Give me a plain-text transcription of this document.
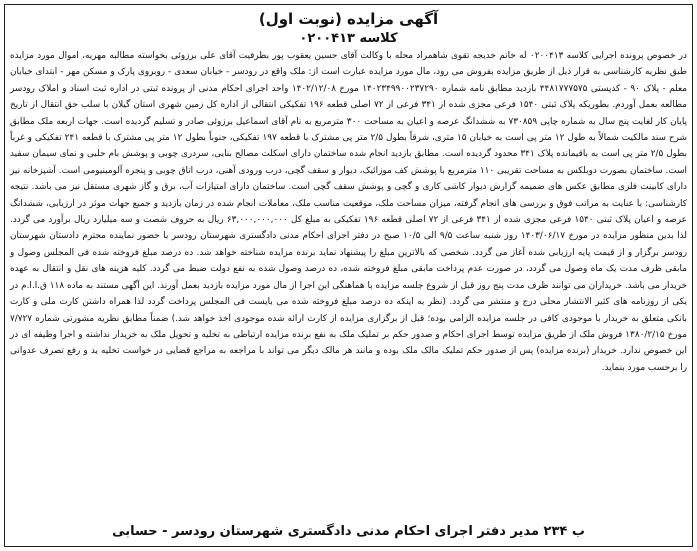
آگهی مزایده (نوبت اول)
کلاسه ۰۲۰۰۴۱۳

در خصوص پرونده اجرایی کلاسه ۰۲۰۰۴۱۳ له خانم خدیجه تقوی شاهمراد محله با وکالت آقای حسین یعقوب پور بطرفیت آقای علی برزوئی بخواسته مطالبه مهریه، اموال مورد مزایده طبق نظریه کارشناسی به قرار ذیل از طریق مزایده بفروش می رود، مال مورد مزایده عبارت است از: ملک واقع در رودسر - خیابان سعدی - روبروی پارک و مسکن مهر - ابتدای خیابان معلم - پلاک ۹۰ - کدپستی ۴۴۸۱۷۷۷۵۷۵ بازدید مطابق نامه شماره ۱۴۰۲۳۴۹۹۰۰۲۳۷۲۹۰ مورخ ۱۴۰۲/۱۲/۰۸ واحد اجرای احکام مدنی از پرونده ثبتی در اداره ثبت اسناد و املاک رودسر مطالعه بعمل آوردم. بطوریکه پلاک ثبتی ۱۵۴۰ فرعی مجزی شده از ۳۴۱ فرعی از ۷۲ اصلی قطعه ۱۹۶ تفکیکی انتقالی از اداره کل زمین شهری استان گیلان با سلب حق انتقال از تاریخ پایان کار لغایت پنج سال به شماره چاپی ۷۳۰۸۵۹ به ششدانگ عرصه و اعیان به مساحت ۳۰۰ مترمربع به نام آقای اسماعیل برزوئی صادر و تسلیم گردیده است. جهات اربعه ملک مطابق شرح سند مالکیت شمالاً به طول ۱۲ متر پی است به خیابان ۱۵ متری، شرقاً بطول ۲/۵ متر پی مشترک با قطعه ۱۹۷ تفکیکی، جنوباً بطول ۱۲ متر پی مشترک با قطعه ۲۴۱ تفکیکی و غرباً بطول ۲/۵ متر پی است به باقیمانده پلاک ۳۴۱ محدود گردیده است. مطابق بازدید انجام شده ساختمان دارای اسکلت مصالح بنایی، سردری چوبی و پوشش بام حلبی و نمای سیمان سفید است. ساختمان بصورت دوبلکس به مساحت تقریبی ۱۱۰ مترمربع با پوشش کف موزائیک، دیوار و سقف گچی، درب ورودی آهنی، درب اتاق چوبی و پنجره آلومینیومی است. آشپزخانه نیز دارای کابینت فلزی مطابق عکس های ضمیمه گزارش دیوار کاشی کاری و گچی و پوشش سقف گچی است. ساختمان دارای امتیازات آب، برق و گاز شهری مستقل نیز می باشد. نتیجه کارشناسی: با عنایت به مراتب فوق و بررسی های انجام گرفته، میزان مساحت ملک، موقعیت مناسب ملک، معاملات انجام شده در زمان بازدید و جمیع جهات موثر در ارزیابی، ششدانگ عرصه و اعیان پلاک ثبتی ۱۵۴۰ فرعی مجزی شده از ۳۴۱ فرعی از ۷۲ اصلی قطعه ۱۹۶ تفکیکی به مبلغ کل ۶۳,۰۰۰,۰۰۰,۰۰۰ ریال به حروف شصت و سه میلیارد ریال برآورد می گردد. لذا بدین منظور مزایده در مورخ ۱۴۰۳/۰۶/۱۷ روز شنبه ساعت ۹/۵ الی ۱۰/۵ صبح در دفتر اجرای احکام مدنی دادگستری شهرستان رودسر با حضور نماینده محترم دادستان شهرستان رودسر برگزار و از قیمت پایه ارزیابی شده آغاز می گردد. شخصی که بالاترین مبلغ را پیشنهاد نماید برنده مزایده شناخته خواهد شد. ده درصد مبلغ فروخته شده فی المجلس وصول و مابقی ظرف مدت یک ماه وصول می گردد، در صورت عدم پرداخت مابقی مبلغ فروخته شده، ده درصد وصول شده به نفع دولت ضبط می گردد. کلیه هزینه های نقل و انتقال به عهده خریدار می باشد. خریداران می توانند ظرف مدت پنج روز قبل از شروع جلسه مزایده با هماهنگی این اجرا از مال مورد مزایده بازدید بعمل آورند. این آگهی مستند به ماده ۱۱۸ ق.ا.ا.م در یکی از روزنامه های کثیر الانتشار محلی درج و منتشر می گردد. (نظر به اینکه ده درصد مبلغ فروخته شده می بایست فی المجلس پرداخت گردد لذا همراه داشتن کارت ملی و کارت بانکی متعلق به خریدار با موجودی کافی در جلسه مزایده الزامی بوده؛ قبل از برگزاری مزایده از کارت ارائه شده موجودی اخذ خواهد شد.) ضمناً مطابق نظریه مشورتی شماره ۷/۷۲۷ مورخ ۱۳۸۰/۲/۱۵ فروش ملک از طریق مزایده توسط اجرای احکام و صدور حکم بر تملیک ملک به نفع برنده مزایده ارتباطی به تخلیه و تحویل ملک به خریدار نداشته و اجرا وظیفه ای در این خصوص ندارد. خریدار (برنده مزایده) پس از صدور حکم تملیک مالک ملک بوده و مانند هر مالک دیگر می تواند با مراجعه به مراجع قضایی در خواست تخلیه ید و رفع تصرف عدوانی را برحسب مورد بنماید.

ب ۲۳۴ مدیر دفتر اجرای احکام مدنی دادگستری شهرستان رودسر - حسابی
